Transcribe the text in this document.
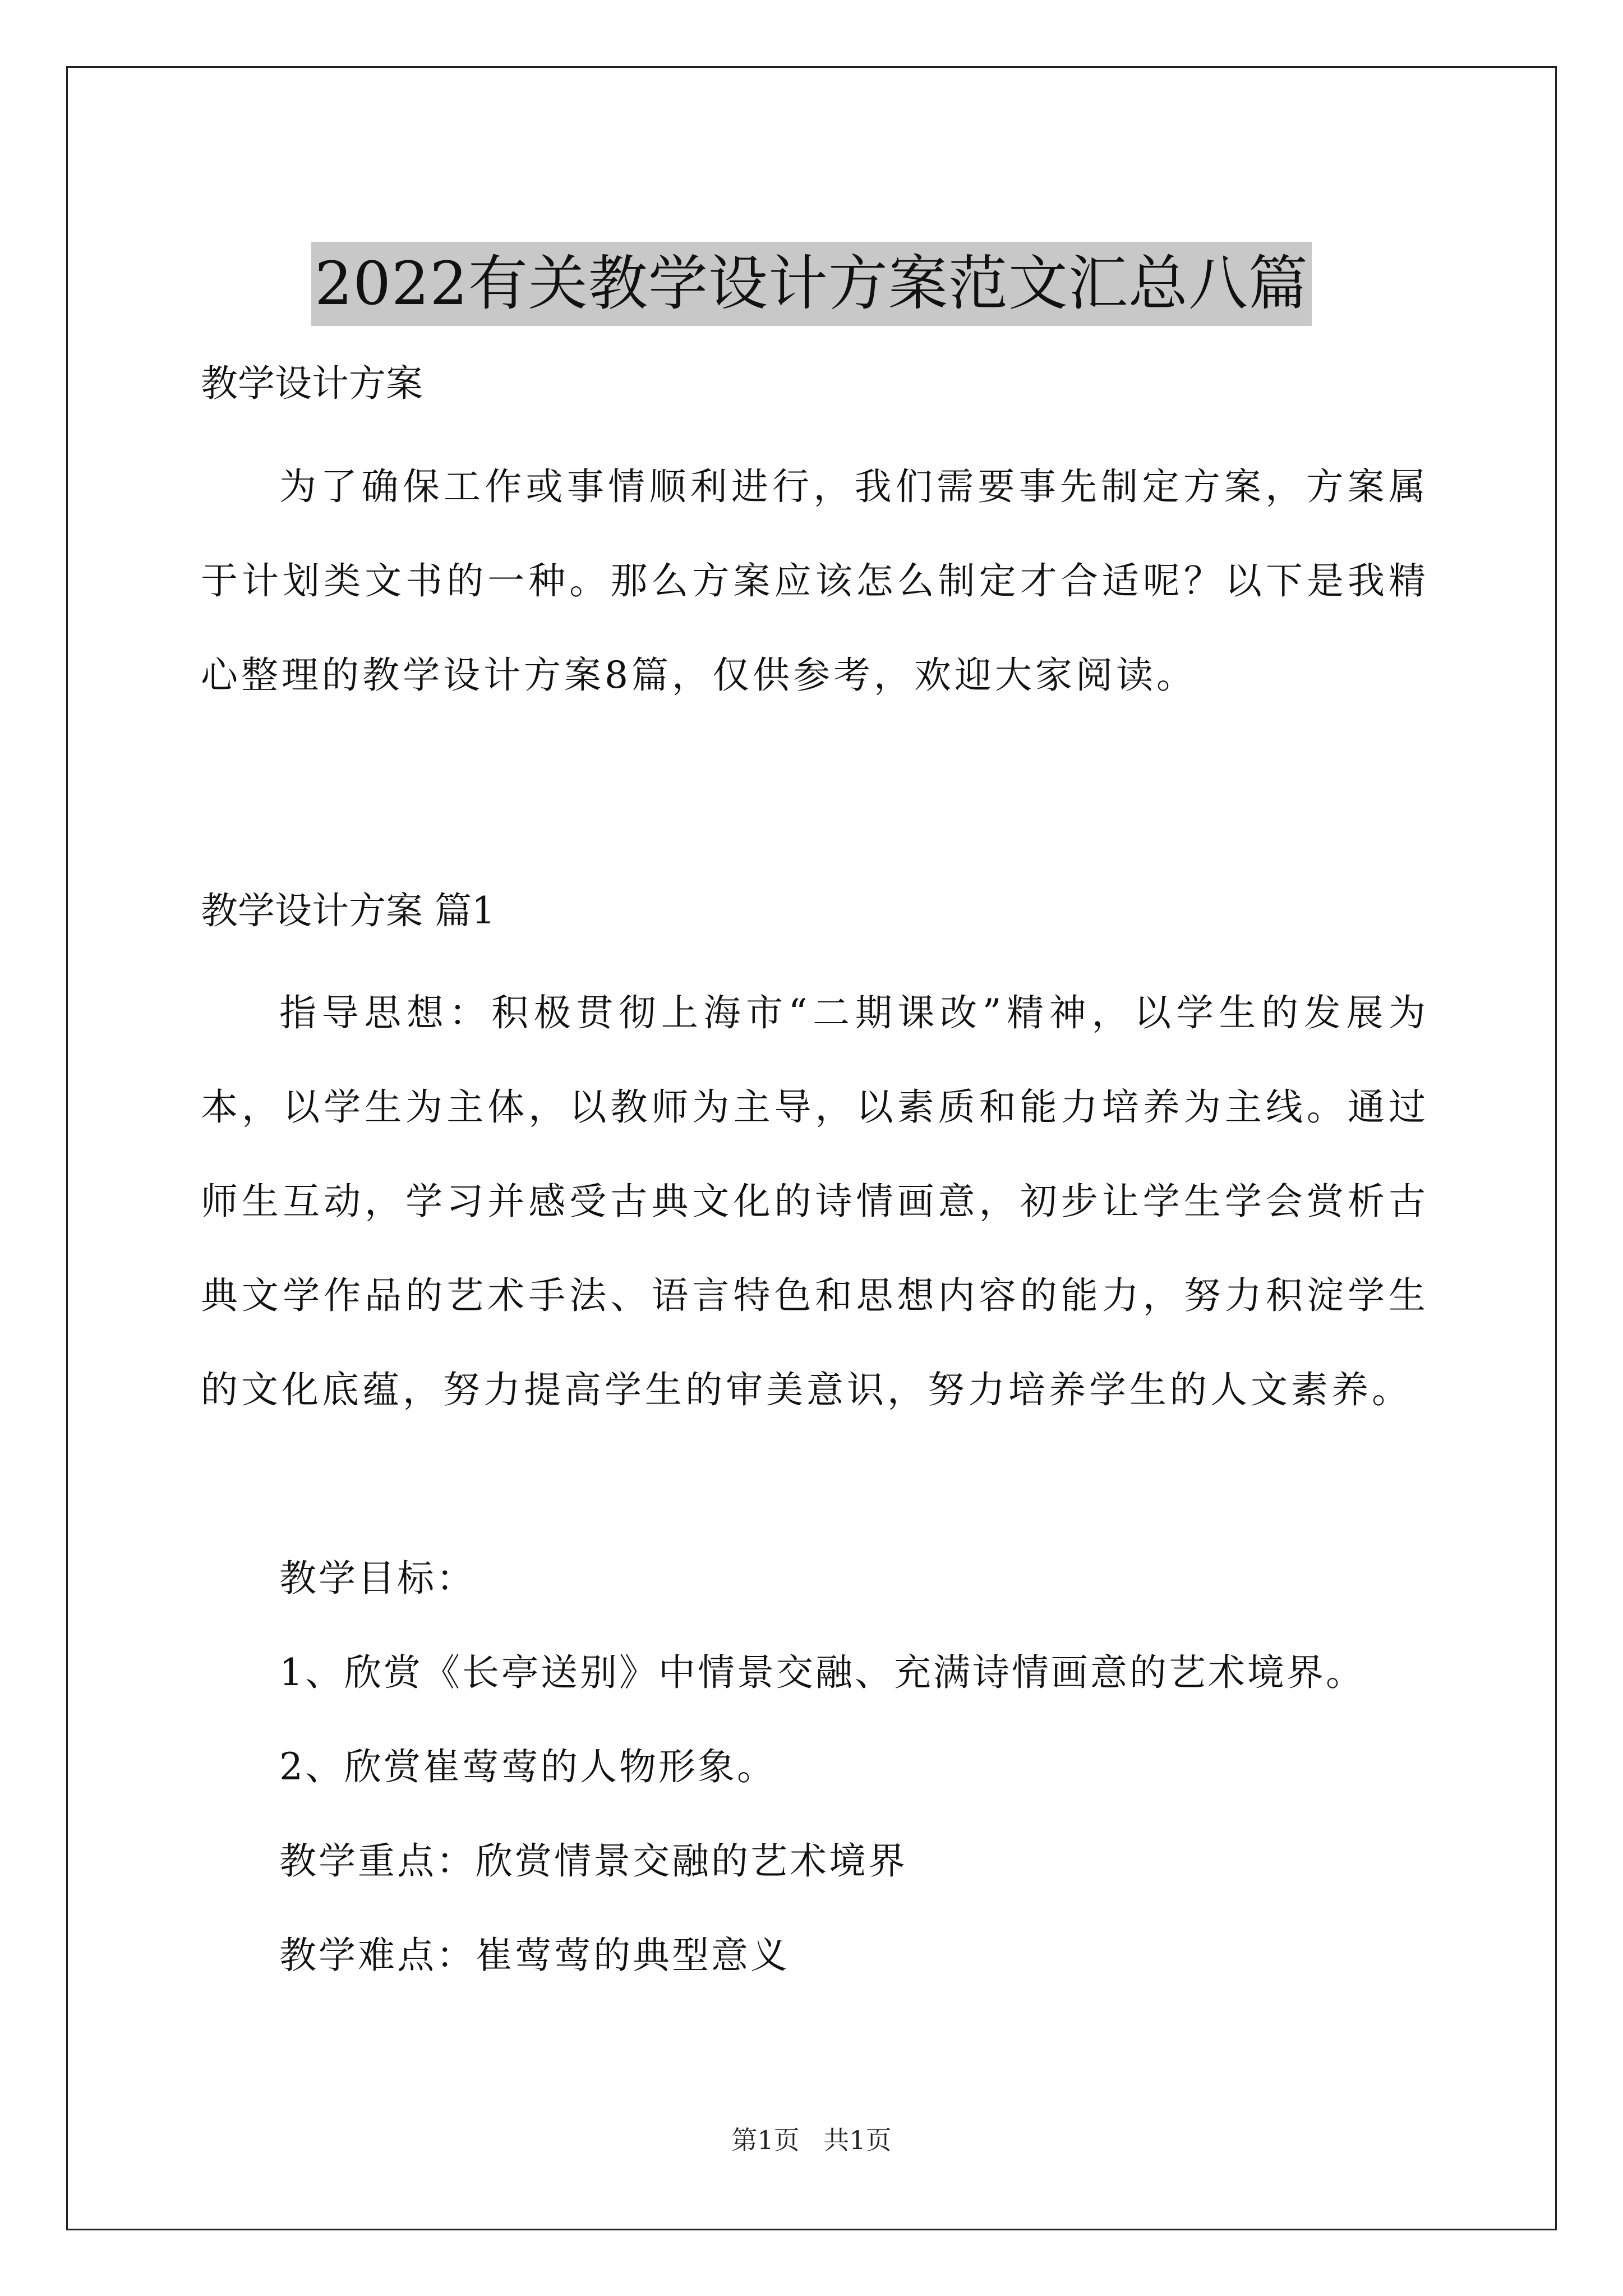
2022有关教学设计方案范文汇总八篇
教学设计方案
为了确保工作或事情顺利进行，我们需要事先制定方案，方案属于计划类文书的一种。那么方案应该怎么制定才合适呢？以下是我精心整理的教学设计方案8篇，仅供参考，欢迎大家阅读。
教学设计方案 篇1
指导思想：积极贯彻上海市“二期课改”精神，以学生的发展为本，以学生为主体，以教师为主导，以素质和能力培养为主线。通过师生互动，学习并感受古典文化的诗情画意，初步让学生学会赏析古典文学作品的艺术手法、语言特色和思想内容的能力，努力积淀学生的文化底蕴，努力提高学生的审美意识，努力培养学生的人文素养。
教学目标：
1、欣赏《长亭送别》中情景交融、充满诗情画意的艺术境界。
2、欣赏崔莺莺的人物形象。
教学重点：欣赏情景交融的艺术境界
教学难点：崔莺莺的典型意义
第1页 共1页
